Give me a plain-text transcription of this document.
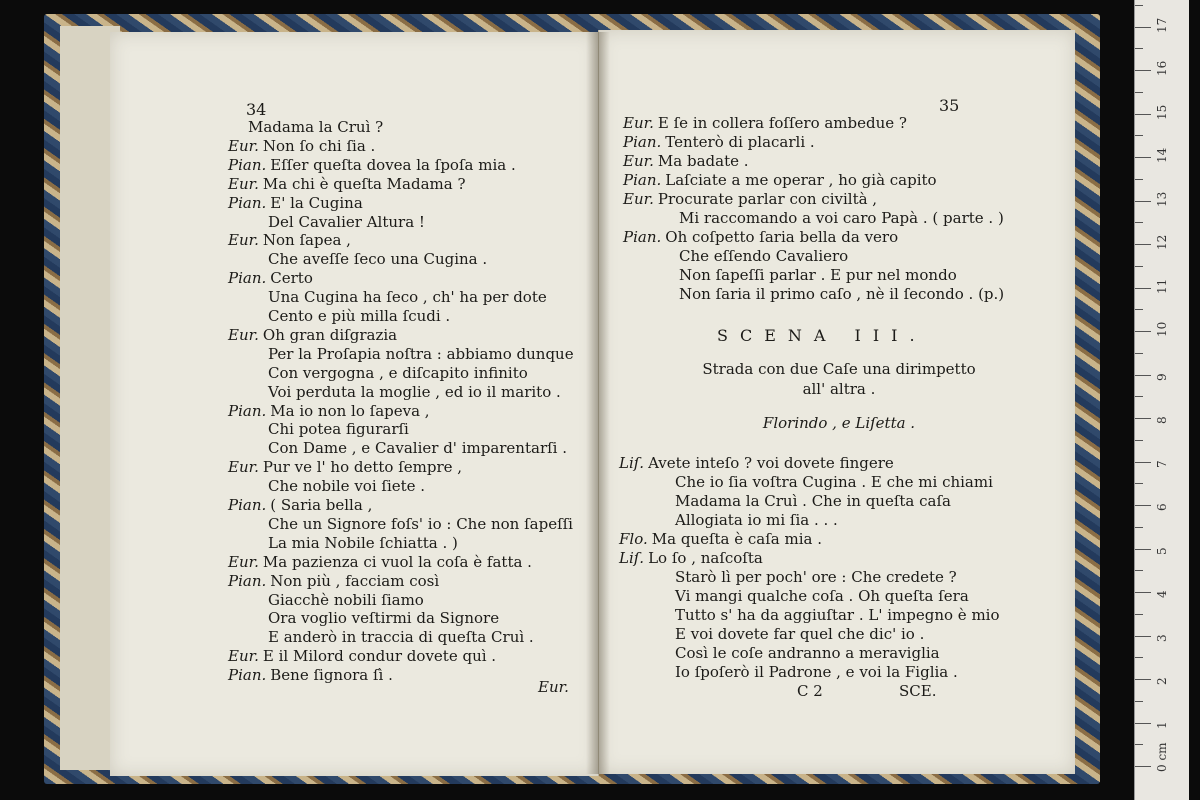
34
Madama la Cruì ?
Eur. Non ſo chi ſia .
Pian. Eſſer queſta dovea la ſpoſa mia .
Eur. Ma chi è queſta Madama ?
Pian. E' la Cugina
Del Cavalier Altura !
Eur. Non ſapea ,
Che aveſſe ſeco una Cugina .
Pian. Certo
Una Cugina ha ſeco , ch' ha per dote
Cento e più milla ſcudi .
Eur. Oh gran diſgrazia
Per la Proſapia noſtra : abbiamo dunque
Con vergogna , e diſcapito infinito
Voi perduta la moglie , ed io il marito .
Pian. Ma io non lo ſapeva ,
Chi potea figurarſi
Con Dame , e Cavalier d' imparentarſi .
Eur. Pur ve l' ho detto ſempre ,
Che nobile voi ſiete .
Pian. ( Saria bella ,
Che un Signore foſs' io : Che non ſapeſſi
La mia Nobile ſchiatta . )
Eur. Ma pazienza ci vuol la coſa è fatta .
Pian. Non più , facciam così
Giacchè nobili ſiamo
Ora voglio veſtirmi da Signore
E anderò in traccia di queſta Cruì .
Eur. E il Milord condur dovete quì .
Pian. Bene ſignora ſì .
Eur.
35
Eur. E ſe in collera foſſero ambedue ?
Pian. Tenterò di placarli .
Eur. Ma badate .
Pian. Laſciate a me operar , ho già capito
Eur. Procurate parlar con civiltà ,
Mi raccomando a voi caro Papà . ( parte . )
Pian. Oh coſpetto ſaria bella da vero
Che eſſendo Cavaliero
Non ſapeſſi parlar . E pur nel mondo
Non ſaria il primo caſo , nè il ſecondo . (p.)
SCENA III.
Strada con due Caſe una dirimpetto
all' altra .
Florindo , e Liſetta .
Liſ. Avete inteſo ? voi dovete fingere
Che io ſia voſtra Cugina . E che mi chiami
Madama la Cruì . Che in queſta caſa
Allogiata io mi ſia . . .
Flo. Ma queſta è caſa mia .
Liſ. Lo ſo , naſcoſta
Starò lì per poch' ore : Che credete ?
Vi mangi qualche coſa . Oh queſta ſera
Tutto s' ha da aggiuſtar . L' impegno è mio
E voi dovete far quel che dic' io .
Così le coſe andranno a meraviglia
Io ſpoſerò il Padrone , e voi la Figlia .
C 2	SCE.
0 cm
1
2
3
4
5
6
7
8
9
10
11
12
13
14
15
16
17
